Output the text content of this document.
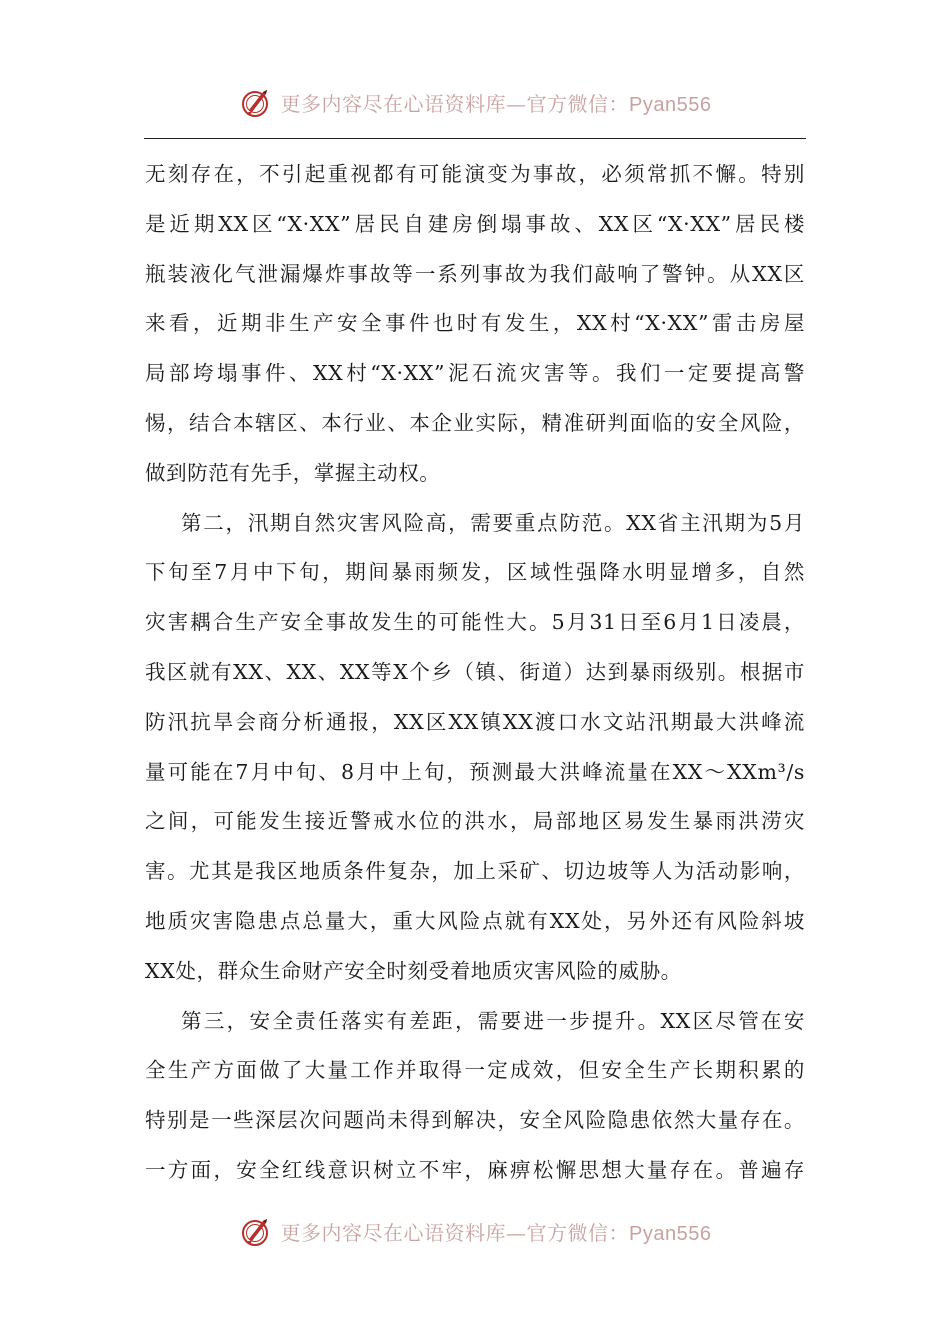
更多内容尽在心语资料库—官方微信：Pyan556
无刻存在，不引起重视都有可能演变为事故，必须常抓不懈。特别
是近期XX区“X·XX”居民自建房倒塌事故、XX区“X·XX”居民楼
瓶装液化气泄漏爆炸事故等一系列事故为我们敲响了警钟。从XX区
来看，近期非生产安全事件也时有发生，XX村“X·XX”雷击房屋
局部垮塌事件、XX村“X·XX”泥石流灾害等。我们一定要提高警
惕，结合本辖区、本行业、本企业实际，精准研判面临的安全风险，
做到防范有先手，掌握主动权。
第二，汛期自然灾害风险高，需要重点防范。XX省主汛期为5月
下旬至7月中下旬，期间暴雨频发，区域性强降水明显增多，自然
灾害耦合生产安全事故发生的可能性大。5月31日至6月1日凌晨，
我区就有XX、XX、XX等X个乡（镇、街道）达到暴雨级别。根据市
防汛抗旱会商分析通报，XX区XX镇XX渡口水文站汛期最大洪峰流
量可能在7月中旬、8月中上旬，预测最大洪峰流量在XX～XXm³/s
之间，可能发生接近警戒水位的洪水，局部地区易发生暴雨洪涝灾
害。尤其是我区地质条件复杂，加上采矿、切边坡等人为活动影响，
地质灾害隐患点总量大，重大风险点就有XX处，另外还有风险斜坡
XX处，群众生命财产安全时刻受着地质灾害风险的威胁。
第三，安全责任落实有差距，需要进一步提升。XX区尽管在安
全生产方面做了大量工作并取得一定成效，但安全生产长期积累的
特别是一些深层次问题尚未得到解决，安全风险隐患依然大量存在。
一方面，安全红线意识树立不牢，麻痹松懈思想大量存在。普遍存
更多内容尽在心语资料库—官方微信：Pyan556
